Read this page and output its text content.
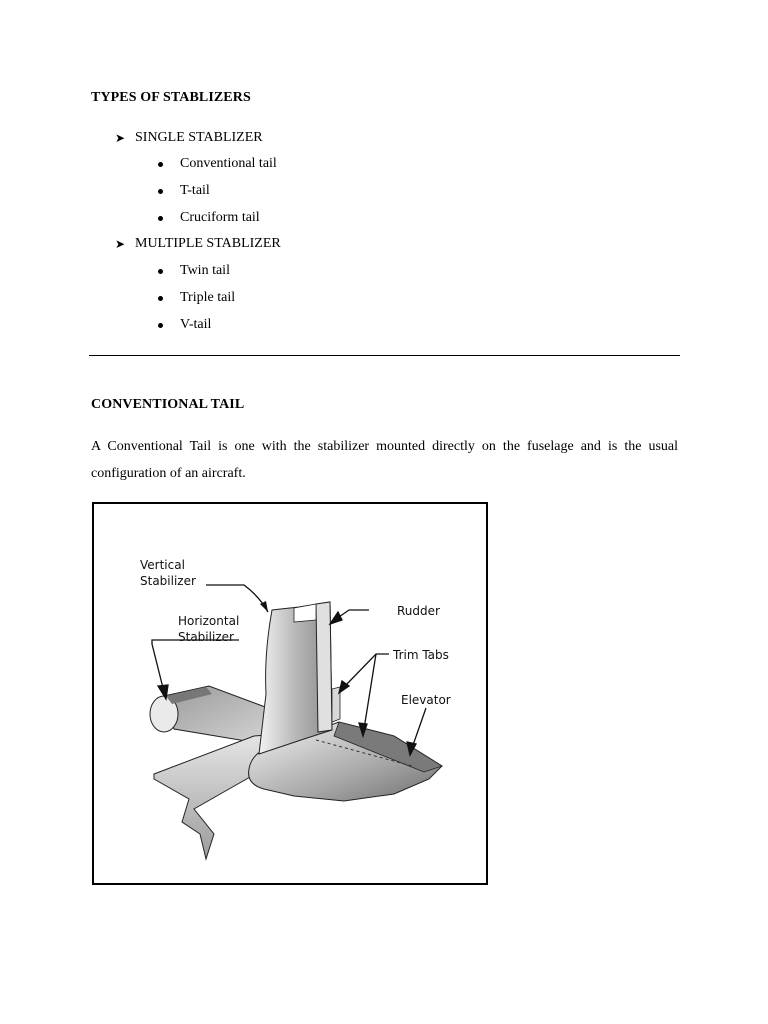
TYPES OF STABLIZERS
➤ SINGLE STABLIZER
Conventional tail
T-tail
Cruciform tail
➤ MULTIPLE STABLIZER
Twin tail
Triple tail
V-tail
CONVENTIONAL TAIL
A Conventional Tail is one with the stabilizer mounted directly on the fuselage and is the usual configuration of an aircraft.
Vertical
Stabilizer
Horizontal
Stabilizer
Rudder
Trim Tabs
Elevator
